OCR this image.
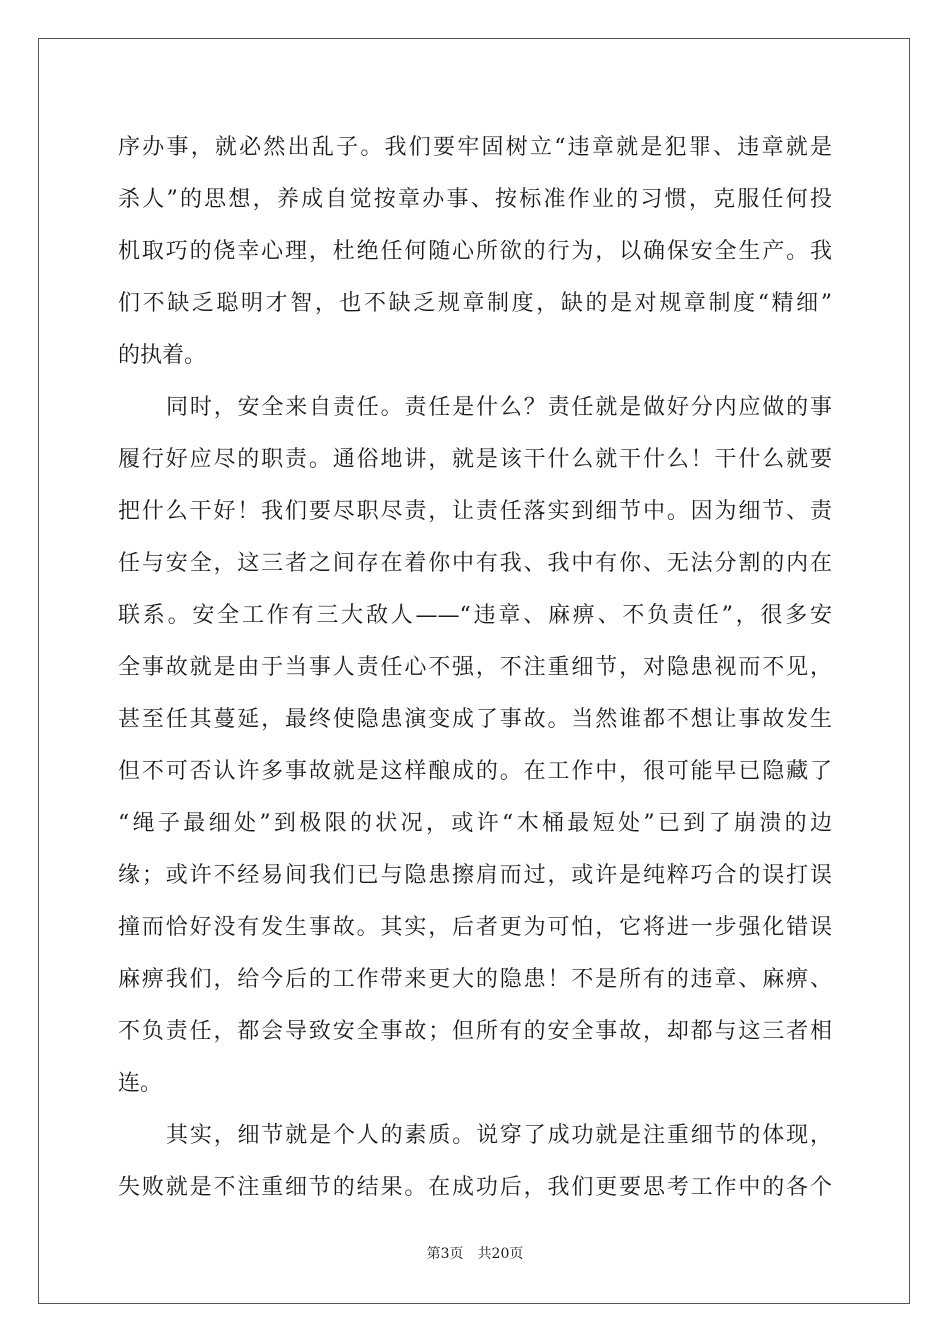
序办事，就必然出乱子。我们要牢固树立“违章就是犯罪、违章就是
杀人”的思想，养成自觉按章办事、按标准作业的习惯，克服任何投
机取巧的侥幸心理，杜绝任何随心所欲的行为，以确保安全生产。我
们不缺乏聪明才智，也不缺乏规章制度，缺的是对规章制度“精细”
的执着。
同时，安全来自责任。责任是什么？责任就是做好分内应做的事
履行好应尽的职责。通俗地讲，就是该干什么就干什么！干什么就要
把什么干好！我们要尽职尽责，让责任落实到细节中。因为细节、责
任与安全，这三者之间存在着你中有我、我中有你、无法分割的内在
联系。安全工作有三大敌人——“违章、麻痹、不负责任”，很多安
全事故就是由于当事人责任心不强，不注重细节，对隐患视而不见，
甚至任其蔓延，最终使隐患演变成了事故。当然谁都不想让事故发生
但不可否认许多事故就是这样酿成的。在工作中，很可能早已隐藏了
“绳子最细处”到极限的状况，或许“木桶最短处”已到了崩溃的边
缘；或许不经易间我们已与隐患擦肩而过，或许是纯粹巧合的误打误
撞而恰好没有发生事故。其实，后者更为可怕，它将进一步强化错误
麻痹我们，给今后的工作带来更大的隐患！不是所有的违章、麻痹、
不负责任，都会导致安全事故；但所有的安全事故，却都与这三者相
连。
其实，细节就是个人的素质。说穿了成功就是注重细节的体现，
失败就是不注重细节的结果。在成功后，我们更要思考工作中的各个
第3页 共20页
